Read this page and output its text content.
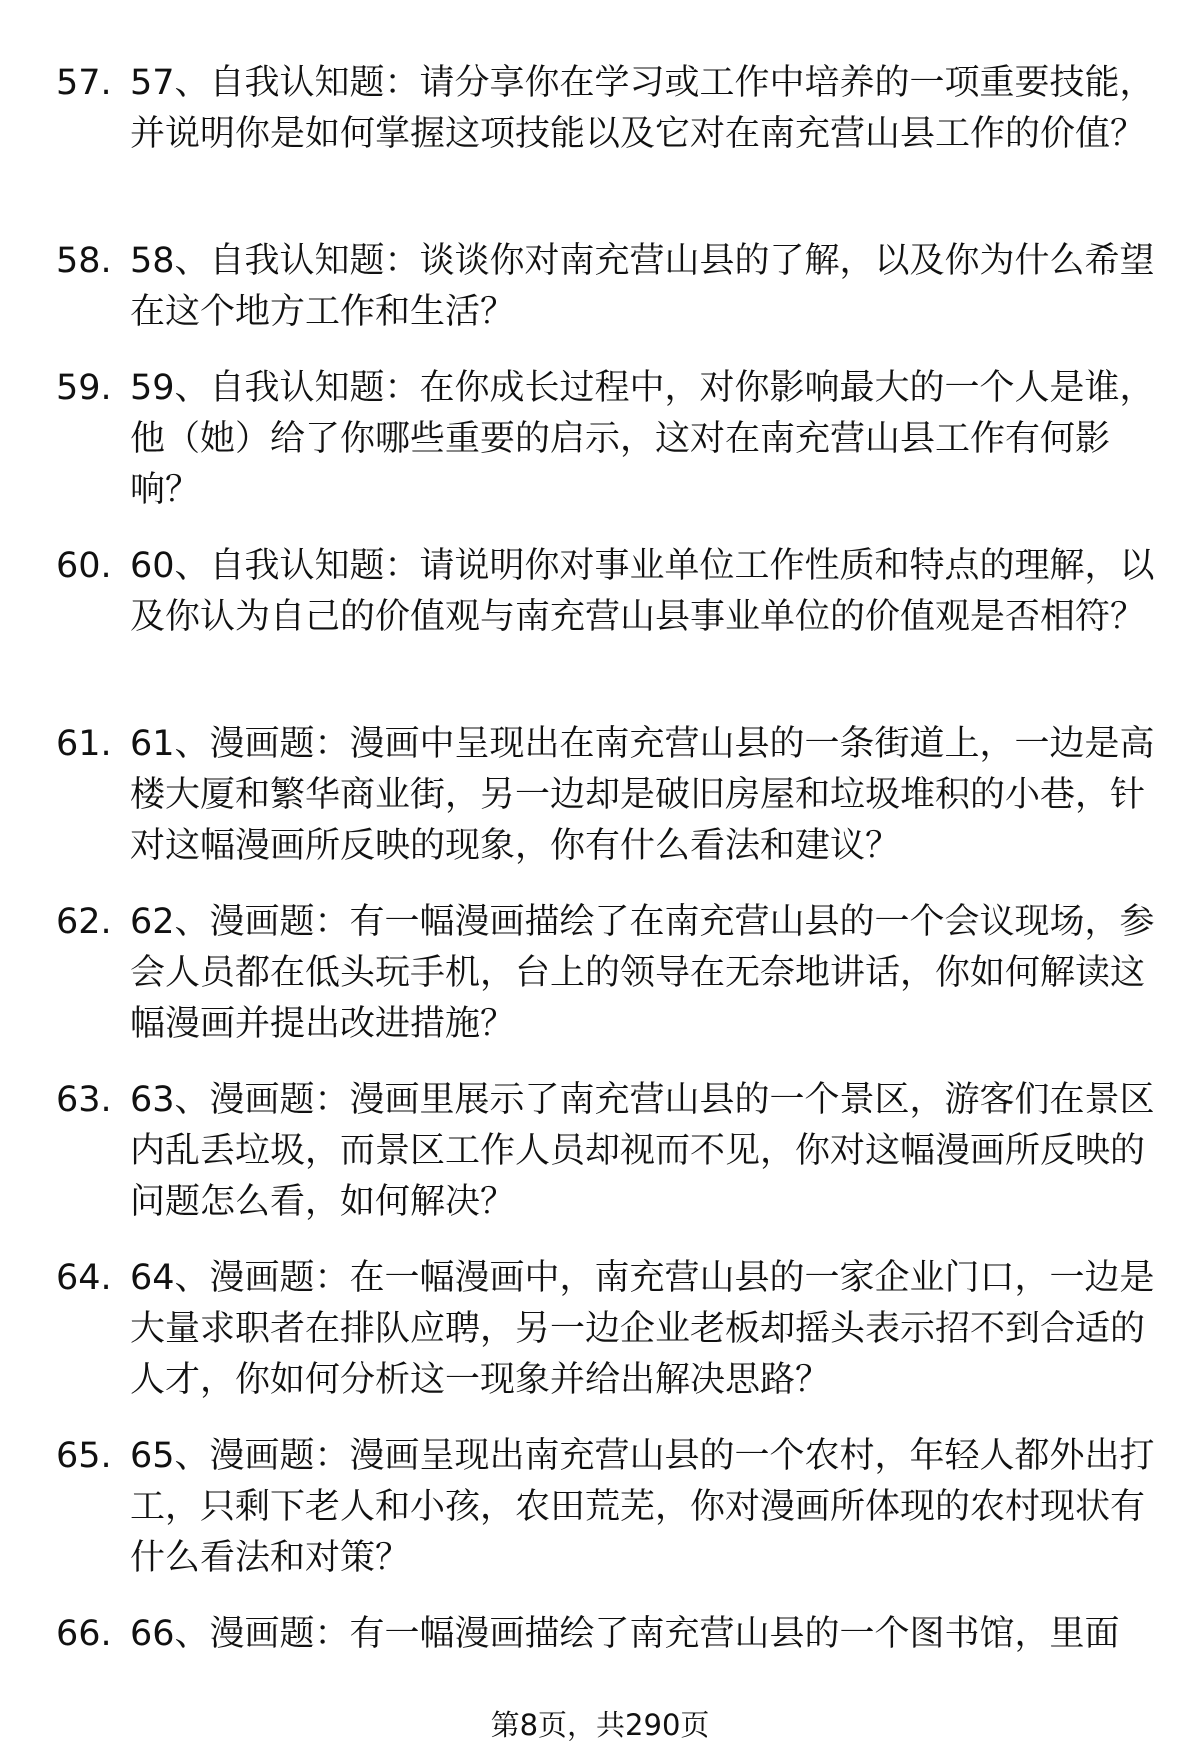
57. 57、自我认知题：请分享你在学习或工作中培养的一项重要技能，并说明你是如何掌握这项技能以及它对在南充营山县工作的价值？
58. 58、自我认知题：谈谈你对南充营山县的了解，以及你为什么希望在这个地方工作和生活？
59. 59、自我认知题：在你成长过程中，对你影响最大的一个人是谁，他（她）给了你哪些重要的启示，这对在南充营山县工作有何影响？
60. 60、自我认知题：请说明你对事业单位工作性质和特点的理解，以及你认为自己的价值观与南充营山县事业单位的价值观是否相符？
61. 61、漫画题：漫画中呈现出在南充营山县的一条街道上，一边是高楼大厦和繁华商业街，另一边却是破旧房屋和垃圾堆积的小巷，针对这幅漫画所反映的现象，你有什么看法和建议？
62. 62、漫画题：有一幅漫画描绘了在南充营山县的一个会议现场，参会人员都在低头玩手机，台上的领导在无奈地讲话，你如何解读这幅漫画并提出改进措施？
63. 63、漫画题：漫画里展示了南充营山县的一个景区，游客们在景区内乱丢垃圾，而景区工作人员却视而不见，你对这幅漫画所反映的问题怎么看，如何解决？
64. 64、漫画题：在一幅漫画中，南充营山县的一家企业门口，一边是大量求职者在排队应聘，另一边企业老板却摇头表示招不到合适的人才，你如何分析这一现象并给出解决思路？
65. 65、漫画题：漫画呈现出南充营山县的一个农村，年轻人都外出打工，只剩下老人和小孩，农田荒芜，你对漫画所体现的农村现状有什么看法和对策？
66. 66、漫画题：有一幅漫画描绘了南充营山县的一个图书馆，里面
第8页，共290页
